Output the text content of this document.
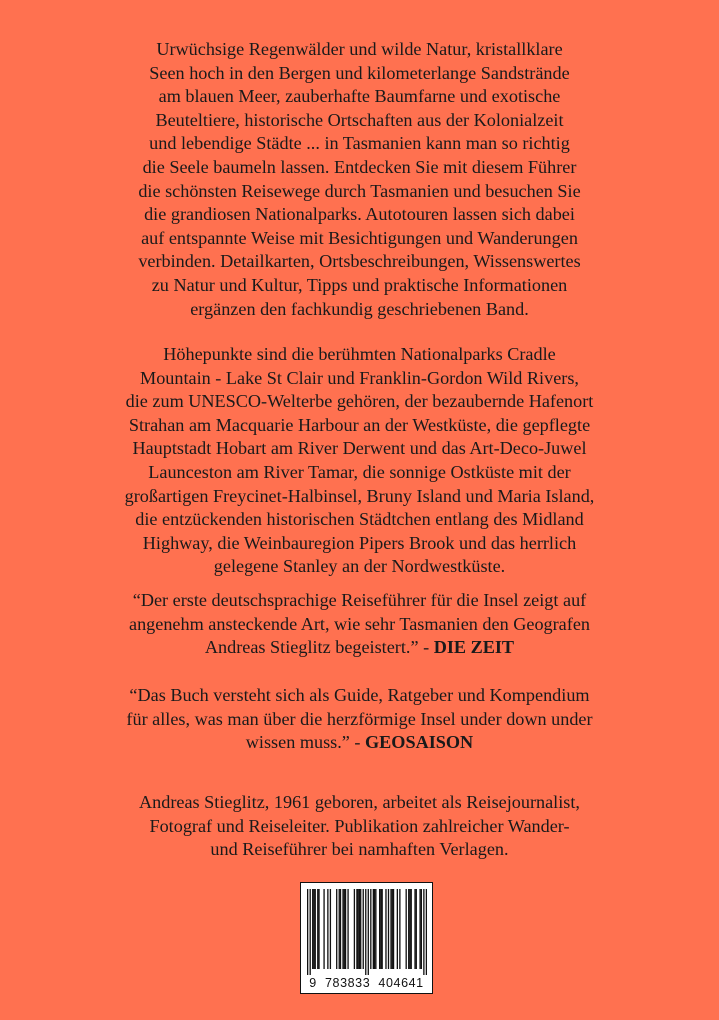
Urwüchsige Regenwälder und wilde Natur, kristallklare
Seen hoch in den Bergen und kilometerlange Sandstrände
am blauen Meer, zauberhafte Baumfarne und exotische
Beuteltiere, historische Ortschaften aus der Kolonialzeit
und lebendige Städte ... in Tasmanien kann man so richtig
die Seele baumeln lassen. Entdecken Sie mit diesem Führer
die schönsten Reisewege durch Tasmanien und besuchen Sie
die grandiosen Nationalparks. Autotouren lassen sich dabei
auf entspannte Weise mit Besichtigungen und Wanderungen
verbinden. Detailkarten, Ortsbeschreibungen, Wissenswertes
zu Natur und Kultur, Tipps und praktische Informationen
ergänzen den fachkundig geschriebenen Band.
Höhepunkte sind die berühmten Nationalparks Cradle
Mountain - Lake St Clair und Franklin-Gordon Wild Rivers,
die zum UNESCO-Welterbe gehören, der bezaubernde Hafenort
Strahan am Macquarie Harbour an der Westküste, die gepflegte
Hauptstadt Hobart am River Derwent und das Art-Deco-Juwel
Launceston am River Tamar, die sonnige Ostküste mit der
großartigen Freycinet-Halbinsel, Bruny Island und Maria Island,
die entzückenden historischen Städtchen entlang des Midland
Highway, die Weinbauregion Pipers Brook und das herrlich
gelegene Stanley an der Nordwestküste.
“Der erste deutschsprachige Reiseführer für die Insel zeigt auf
angenehm ansteckende Art, wie sehr Tasmanien den Geografen
Andreas Stieglitz begeistert.” - DIE ZEIT
“Das Buch versteht sich als Guide, Ratgeber und Kompendium
für alles, was man über die herzförmige Insel under down under
wissen muss.” - GEOSAISON
Andreas Stieglitz, 1961 geboren, arbeitet als Reisejournalist,
Fotograf und Reiseleiter. Publikation zahlreicher Wander-
und Reiseführer bei namhaften Verlagen.
9  783833  404641
